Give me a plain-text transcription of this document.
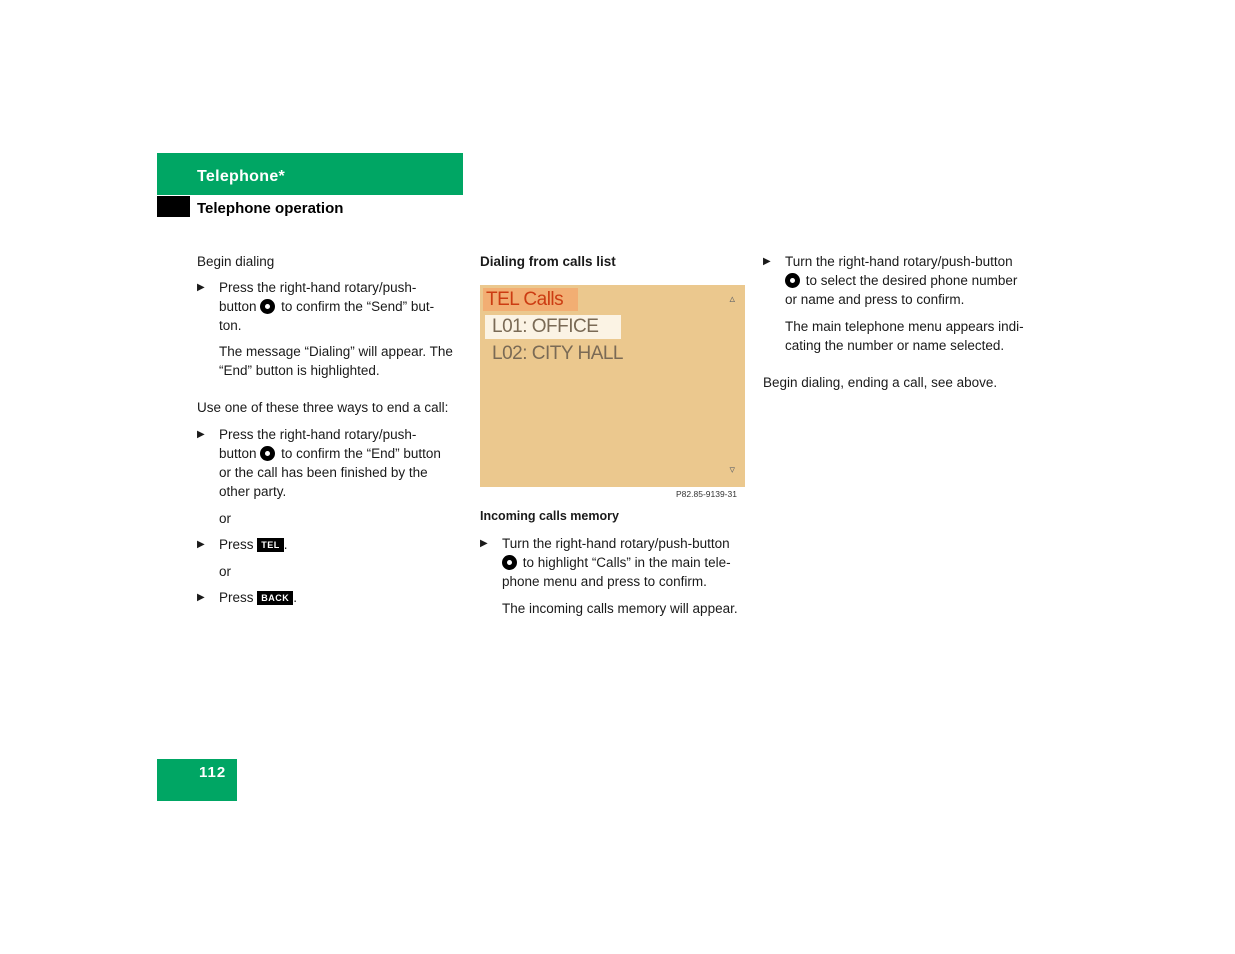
Telephone*
Telephone operation

Begin dialing

▶ Press the right-hand rotary/push-

button to confirm the “Send” but-

ton.

The message “Dialing” will appear. The

“End” button is highlighted.

Use one of these three ways to end a call:

▶ Press the right-hand rotary/push-

button to confirm the “End” button

or the call has been finished by the

other party.

or

▶ Press TEL .

or

▶ Press BACK .

Dialing from calls list

TEL Calls	▵
L01: OFFICE
L02: CITY HALL
▿
P82.85-9139-31

Incoming calls memory

▶ Turn the right-hand rotary/push-button

to highlight “Calls” in the main tele-

phone menu and press to confirm.

The incoming calls memory will appear.

▶ Turn the right-hand rotary/push-button

to select the desired phone number

or name and press to confirm.

The main telephone menu appears indi-

cating the number or name selected.

Begin dialing, ending a call, see above.

112
